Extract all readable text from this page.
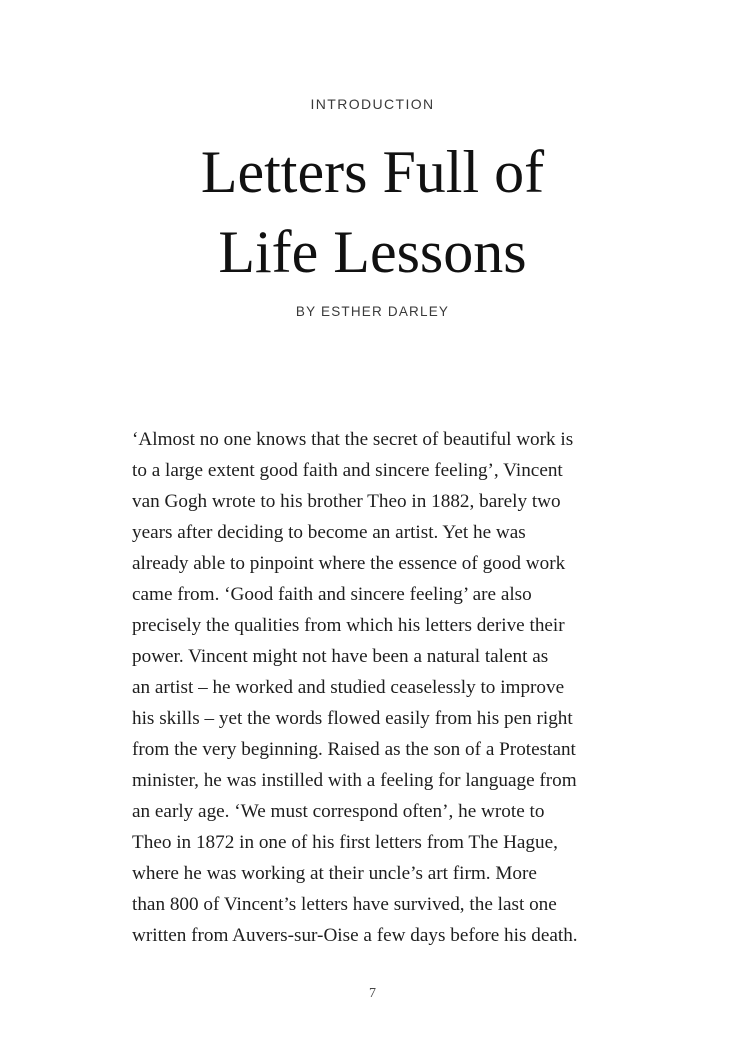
INTRODUCTION
Letters Full of
Life Lessons
BY ESTHER DARLEY
‘Almost no one knows that the secret of beautiful work is
to a large extent good faith and sincere feeling’, Vincent
van Gogh wrote to his brother Theo in 1882, barely two
years after deciding to become an artist. Yet he was
already able to pinpoint where the essence of good work
came from. ‘Good faith and sincere feeling’ are also
precisely the qualities from which his letters derive their
power. Vincent might not have been a natural talent as
an artist – he worked and studied ceaselessly to improve
his skills – yet the words flowed easily from his pen right
from the very beginning. Raised as the son of a Protestant
minister, he was instilled with a feeling for language from
an early age. ‘We must correspond often’, he wrote to
Theo in 1872 in one of his first letters from The Hague,
where he was working at their uncle’s art firm. More
than 800 of Vincent’s letters have survived, the last one
written from Auvers-sur-Oise a few days before his death.
7
